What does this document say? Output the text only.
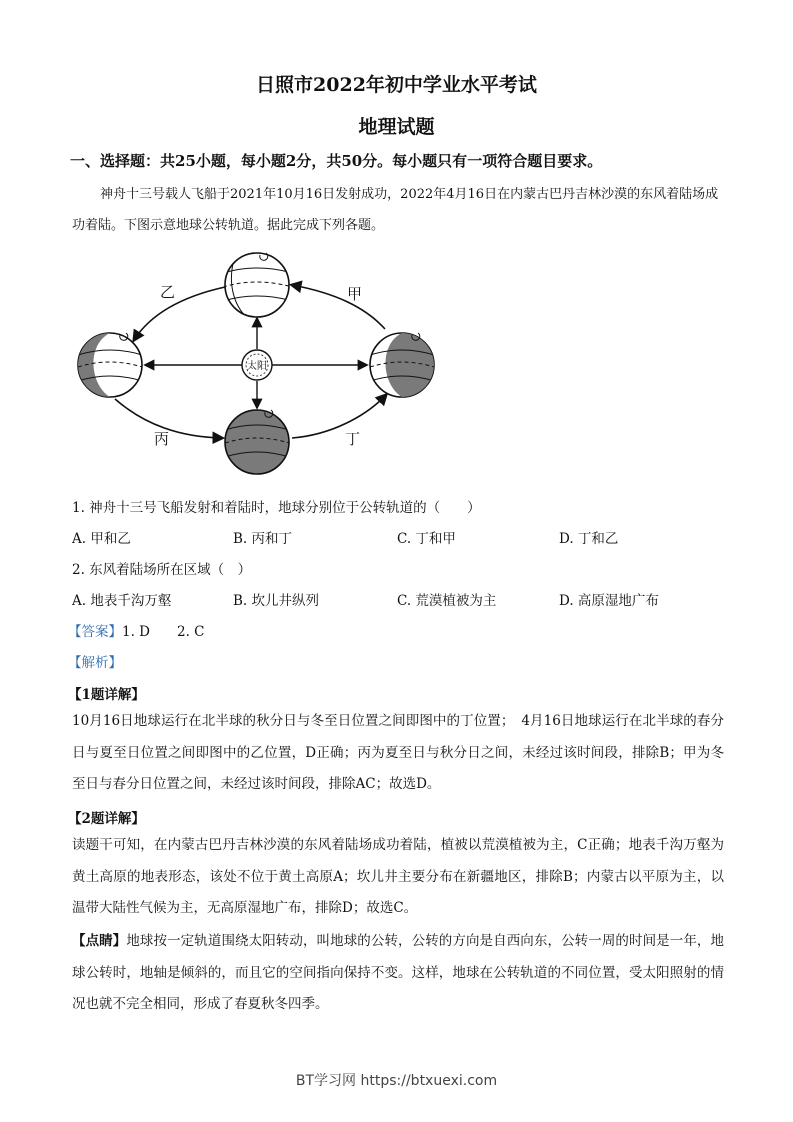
日照市2022年初中学业水平考试
地理试题
一、选择题：共25小题，每小题2分，共50分。每小题只有一项符合题目要求。
神舟十三号载人飞船于2021年10月16日发射成功，2022年4月16日在内蒙古巴丹吉林沙漠的东风着陆场成功着陆。下图示意地球公转轨道。据此完成下列各题。
太阳
乙	甲
丙	丁
1. 神舟十三号飞船发射和着陆时，地球分别位于公转轨道的（　　）
A. 甲和乙	B. 丙和丁	C. 丁和甲	D. 丁和乙
2. 东风着陆场所在区域（　）
A. 地表千沟万壑	B. 坎儿井纵列	C. 荒漠植被为主	D. 高原湿地广布
【答案】1. D　　2. C
【解析】
【1题详解】
10月16日地球运行在北半球的秋分日与冬至日位置之间即图中的丁位置；　4月16日地球运行在北半球的春分日与夏至日位置之间即图中的乙位置，D正确；丙为夏至日与秋分日之间，未经过该时间段，排除B；甲为冬至日与春分日位置之间，未经过该时间段，排除AC；故选D。
【2题详解】
读题干可知，在内蒙古巴丹吉林沙漠的东风着陆场成功着陆，植被以荒漠植被为主，C正确；地表千沟万壑为黄土高原的地表形态，该处不位于黄土高原A；坎儿井主要分布在新疆地区，排除B；内蒙古以平原为主，以温带大陆性气候为主，无高原湿地广布，排除D；故选C。
【点睛】地球按一定轨道围绕太阳转动，叫地球的公转，公转的方向是自西向东，公转一周的时间是一年，地球公转时，地轴是倾斜的，而且它的空间指向保持不变。这样，地球在公转轨道的不同位置，受太阳照射的情况也就不完全相同，形成了春夏秋冬四季。
BT学习网 https://btxuexi.com
